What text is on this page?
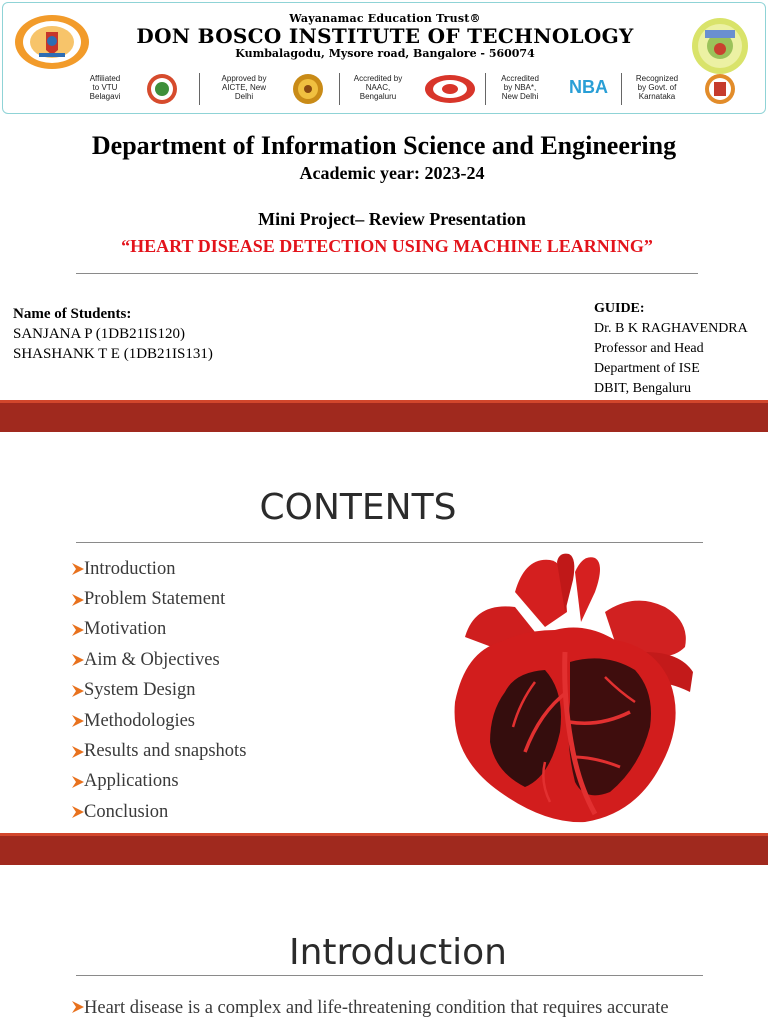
Wayanamac Education Trust®
DON BOSCO INSTITUTE OF TECHNOLOGY
Kumbalagodu, Mysore road, Bangalore - 560074
Affiliated
to VTU
Belagavi
Approved by
AICTE, New
Delhi
Accredited by
NAAC,
Bengaluru
Accredited
by NBA*,
New Delhi	NBA	Recognized
by Govt. of
Karnataka
Department of Information Science and Engineering
Academic year: 2023-24
Mini Project– Review Presentation
“HEART DISEASE DETECTION USING MACHINE LEARNING”
Name of Students:
SANJANA P (1DB21IS120)
SHASHANK T E (1DB21IS131)
GUIDE:
Dr. B K RAGHAVENDRA
Professor and Head
Department of ISE
DBIT, Bengaluru
CONTENTS
Introduction
Problem Statement
Motivation
Aim & Objectives
System Design
Methodologies
Results and snapshots
Applications
Conclusion
Introduction
Heart disease is a complex and life-threatening condition that requires accurate
